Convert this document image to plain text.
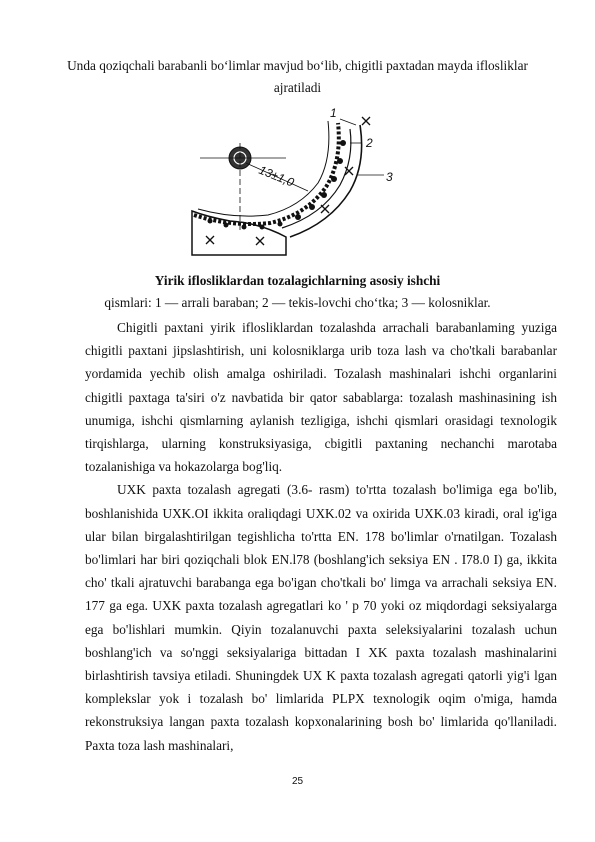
Unda qoziqchali barabanli bo‘limlar mavjud bo‘lib, chigitli paxtadan mayda iflosliklar ajratiladi
13±1,0
1
2
3
Yirik iflosliklardan tozalagichlarning asosiy ishchi
qismlari: 1 — arrali baraban; 2 — tekis-lovchi cho‘tka; 3 — kolosniklar.

Chigitli paxtani yirik iflosliklardan tozalashda arrachali barabanlaming yuziga chigitli paxtani jipslashtirish, uni kolosniklarga urib toza lash va cho'tkali barabanlar yordamida yechib olish amalga oshiriladi. Tozalash mashinalari ishchi organlarini chigitli paxtaga ta'siri o'z navbatida bir qator sabablarga: tozalash mashinasining ish unumiga, ishchi qismlarning aylanish tezligiga, ishchi qismlari orasidagi texnologik tirqishlarga, ularning konstruksiyasiga, cbigitli paxtaning nechanchi marotaba tozalanishiga va hokazolarga bog'liq.

UXK paxta tozalash agregati (3.6- rasm) to'rtta tozalash bo'limiga ega bo'lib, boshlanishida UXK.OI ikkita oraliqdagi UXK.02 va oxirida UXK.03 kiradi, oral ig'iga ular bilan birgalashtirilgan tegishlicha to'rtta EN. 178 bo'limlar o'rnatilgan. Tozalash bo'limlari har biri qoziqchali blok EN.l78 (boshlang'ich seksiya EN . I78.0 I) ga, ikkita cho' tkali ajratuvchi barabanga ega bo'igan cho'tkali bo' limga va arrachali seksiya EN. 177 ga ega. UXK paxta tozalash agregatlari ko ' p 70 yoki oz miqdordagi seksiyalarga ega bo'lishlari mumkin. Qiyin tozalanuvchi paxta seleksiyalarini tozalash uchun boshlang'ich va so'nggi seksiyalariga bittadan I XK paxta tozalash mashinalarini birlashtirish tavsiya etiladi. Shuningdek UX K paxta tozalash agregati qatorli yig'i lgan komplekslar yok i tozalash bo' limlarida PLPX texnologik oqim o'miga, hamda rekonstruksiya langan paxta tozalash kopxonalarining bosh bo' limlarida qo'llaniladi. Paxta toza lash mashinalari,

25
